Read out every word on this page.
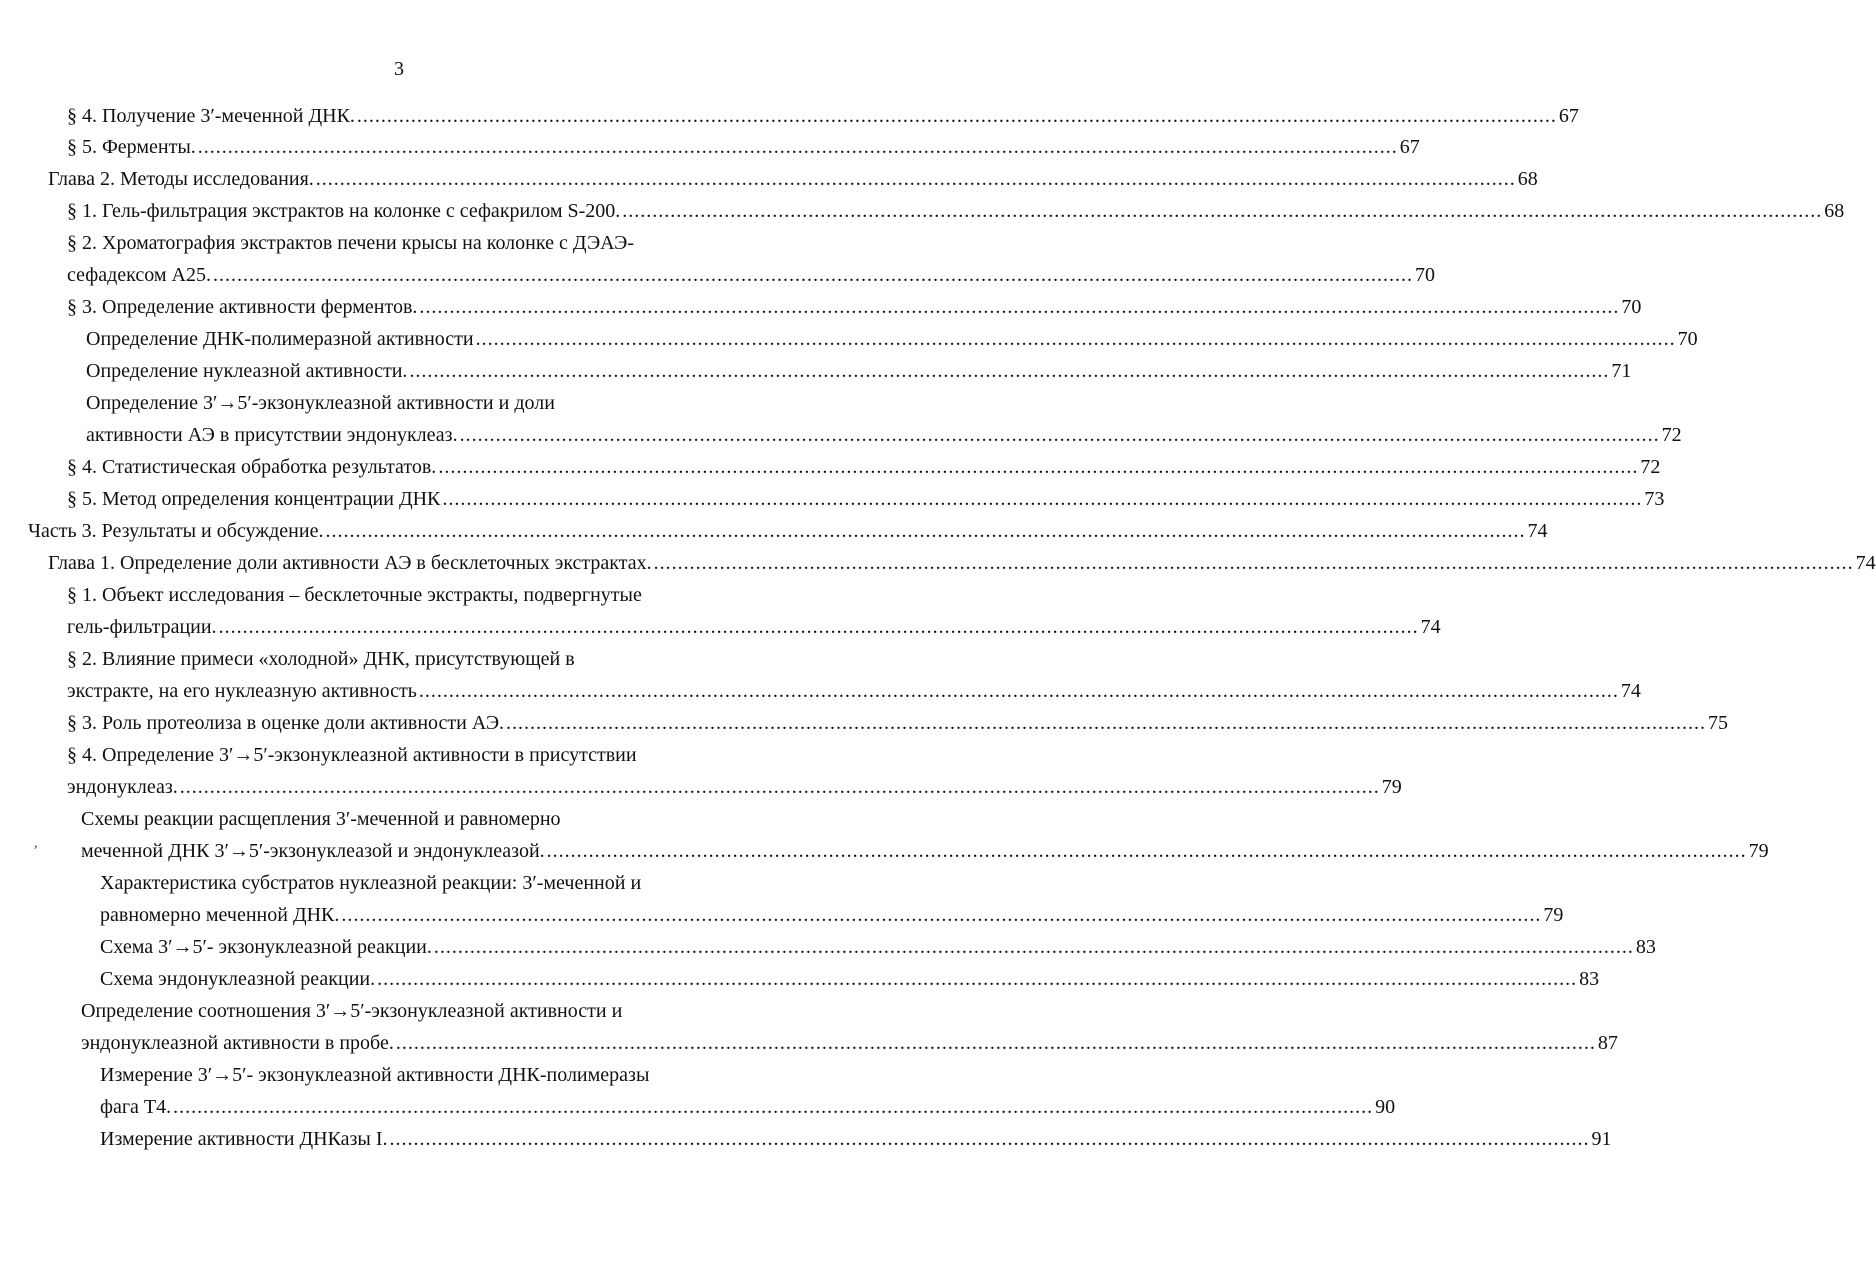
3
§ 4. Получение 3′-меченной ДНК. ........................................................................................................................................................................................................ 67
§ 5. Ферменты. ........................................................................................................................................................................................................ 67
Глава 2. Методы исследования. ........................................................................................................................................................................................................ 68
§ 1. Гель-фильтрация экстрактов на колонке с сефакрилом S-200. ........................................................................................................................................................................................................ 68
§ 2. Хроматография экстрактов печени крысы на колонке с ДЭАЭ-
сефадексом А25. ........................................................................................................................................................................................................ 70
§ 3. Определение активности ферментов. ........................................................................................................................................................................................................ 70
Определение ДНК-полимеразной активности ........................................................................................................................................................................................................ 70
Определение нуклеазной активности. ........................................................................................................................................................................................................ 71
Определение 3′→5′-экзонуклеазной активности и доли
активности АЭ в присутствии эндонуклеаз. ........................................................................................................................................................................................................ 72
§ 4. Статистическая обработка результатов. ........................................................................................................................................................................................................ 72
§ 5. Метод определения концентрации ДНК ........................................................................................................................................................................................................ 73
Часть 3. Результаты и обсуждение. ........................................................................................................................................................................................................ 74
Глава 1. Определение доли активности АЭ в бесклеточных экстрактах. ........................................................................................................................................................................................................ 74
§ 1. Объект исследования – бесклеточные экстракты, подвергнутые
гель-фильтрации. ........................................................................................................................................................................................................ 74
§ 2. Влияние примеси «холодной» ДНК, присутствующей в
экстракте, на его нуклеазную активность ........................................................................................................................................................................................................ 74
§ 3. Роль протеолиза в оценке доли активности АЭ. ........................................................................................................................................................................................................ 75
§ 4. Определение 3′→5′-экзонуклеазной активности в присутствии
эндонуклеаз. ........................................................................................................................................................................................................ 79
Схемы реакции расщепления 3′-меченной и равномерно
меченной ДНК 3′→5′-экзонуклеазой и эндонуклеазой. ........................................................................................................................................................................................................ 79
Характеристика субстратов нуклеазной реакции: 3′-меченной и
равномерно меченной ДНК. ........................................................................................................................................................................................................ 79
Схема 3′→5′- экзонуклеазной реакции. ........................................................................................................................................................................................................ 83
Схема эндонуклеазной реакции. ........................................................................................................................................................................................................ 83
Определение соотношения 3′→5′-экзонуклеазной активности и
эндонуклеазной активности в пробе. ........................................................................................................................................................................................................ 87
Измерение 3′→5′- экзонуклеазной активности ДНК-полимеразы
фага Т4. ........................................................................................................................................................................................................ 90
Измерение активности ДНКазы I. ........................................................................................................................................................................................................ 91
,
